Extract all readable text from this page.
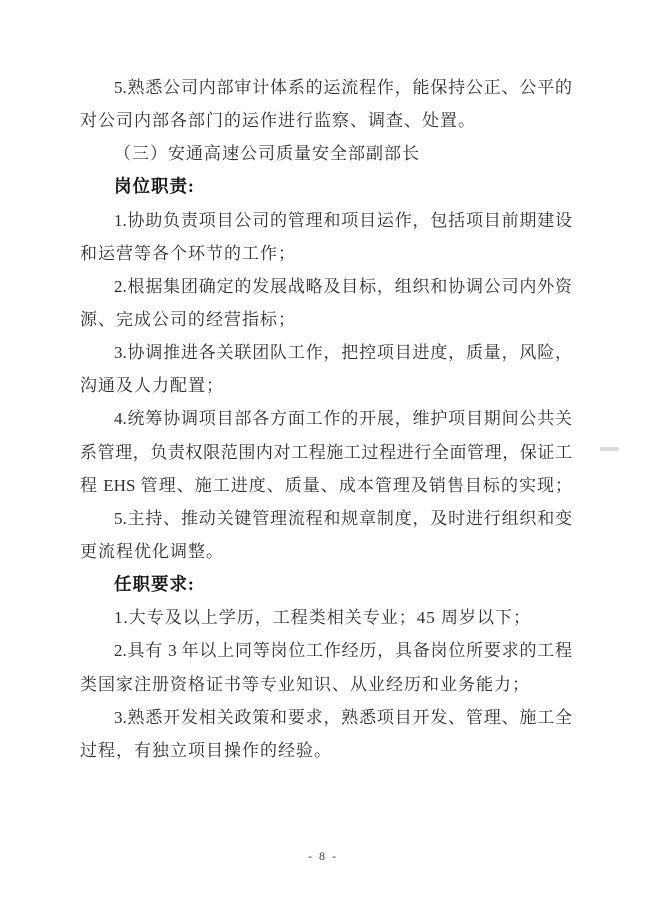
5.熟悉公司内部审计体系的运流程作，能保持公正、公平的
对公司内部各部门的运作进行监察、调查、处置。
（三）安通高速公司质量安全部副部长
岗位职责:
1.协助负责项目公司的管理和项目运作，包括项目前期建设
和运营等各个环节的工作；
2.根据集团确定的发展战略及目标，组织和协调公司内外资
源、完成公司的经营指标；
3.协调推进各关联团队工作，把控项目进度，质量，风险，
沟通及人力配置；
4.统筹协调项目部各方面工作的开展，维护项目期间公共关
系管理，负责权限范围内对工程施工过程进行全面管理，保证工
程 EHS 管理、施工进度、质量、成本管理及销售目标的实现；
5.主持、推动关键管理流程和规章制度，及时进行组织和变
更流程优化调整。
任职要求:
1.大专及以上学历，工程类相关专业；45 周岁以下；
2.具有 3 年以上同等岗位工作经历，具备岗位所要求的工程
类国家注册资格证书等专业知识、从业经历和业务能力；
3.熟悉开发相关政策和要求，熟悉项目开发、管理、施工全
过程，有独立项目操作的经验。
- 8 -
